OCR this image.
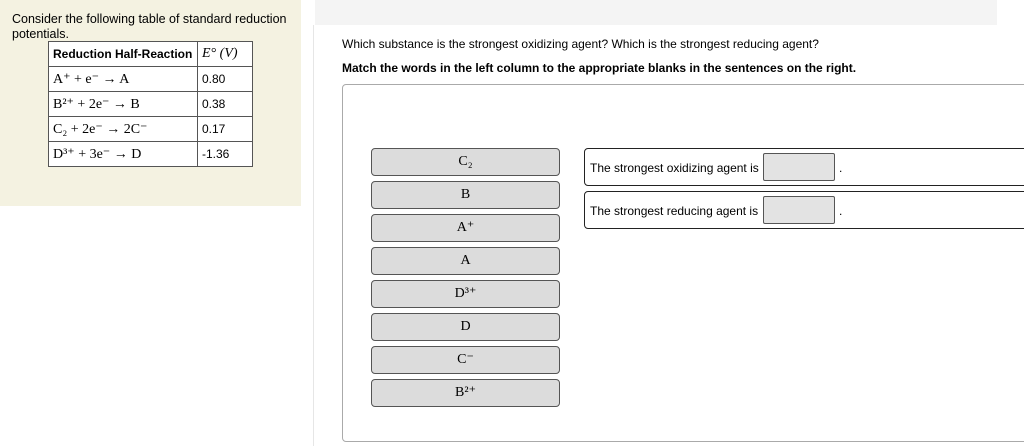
Consider the following table of standard reduction potentials.
Reduction Half-Reaction	E° (V)
A⁺ + e⁻ → A	0.80
B²⁺ + 2e⁻ → B	0.38
C₂ + 2e⁻ → 2C⁻	0.17
D³⁺ + 3e⁻ → D	-1.36
Which substance is the strongest oxidizing agent? Which is the strongest reducing agent?
Match the words in the left column to the appropriate blanks in the sentences on the right.
C₂
B
A⁺
A
D³⁺
D
C⁻
B²⁺
The strongest oxidizing agent is	.
The strongest reducing agent is	.
